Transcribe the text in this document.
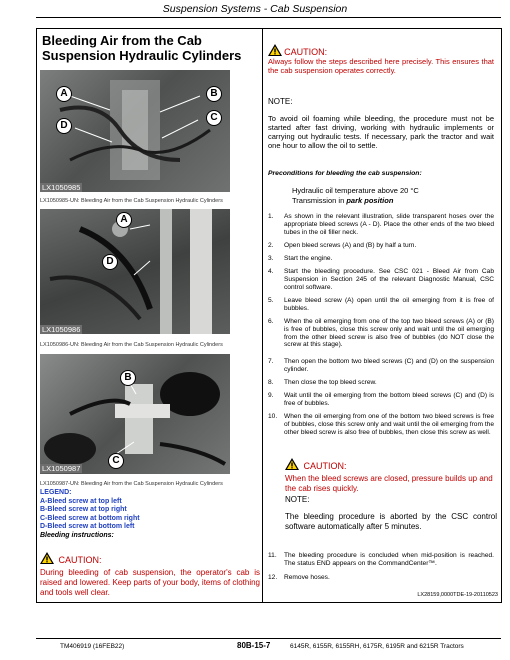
Suspension Systems - Cab Suspension
Bleeding Air from the Cab Suspension Hydraulic Cylinders
A	B
C
D
LX1050985
LX1050985-UN: Bleeding Air from the Cab Suspension Hydraulic Cylinders
A
D
LX1050986
LX1050986-UN: Bleeding Air from the Cab Suspension Hydraulic Cylinders
B
C
LX1050987
LX1050987-UN: Bleeding Air from the Cab Suspension Hydraulic Cylinders
LEGEND:
A-Bleed screw at top left
B-Bleed screw at top right
C-Bleed screw at bottom right
D-Bleed screw at bottom left
Bleeding instructions:
CAUTION:
During bleeding of cab suspension, the operator's cab is raised and lowered. Keep parts of your body, items of clothing and tools well clear.
CAUTION:
Always follow the steps described here precisely. This ensures that the cab suspension operates correctly.
NOTE:
To avoid oil foaming while bleeding, the procedure must not be started after fast driving, working with hydraulic implements or carrying out hydraulic tests. If necessary, park the tractor and wait one hour to allow the oil to settle.
Preconditions for bleeding the cab suspension:
Hydraulic oil temperature above 20 °C
Transmission in park position
1.	As shown in the relevant illustration, slide transparent hoses over the appropriate bleed screws (A - D). Place the other ends of the two bleed tubes in the oil filler neck.
2.	Open bleed screws (A) and (B) by half a turn.
3.	Start the engine.
4.	Start the bleeding procedure. See CSC 021 - Bleed Air from Cab Suspension in Section 245 of the relevant Diagnostic Manual, CSC control software.
5.	Leave bleed screw (A) open until the oil emerging from it is free of bubbles.
6.	When the oil emerging from one of the top two bleed screws (A) or (B) is free of bubbles, close this screw only and wait until the oil emerging from the other bleed screw is also free of bubbles (do NOT close the screw at this stage).
7.	Then open the bottom two bleed screws (C) and (D) on the suspension cylinder.
8.	Then close the top bleed screw.
9.	Wait until the oil emerging from the bottom bleed screws (C) and (D) is free of bubbles.
10.	When the oil emerging from one of the bottom two bleed screws is free of bubbles, close this screw only and wait until the oil emerging from the other bleed screw is also free of bubbles, then close this screw as well.
CAUTION:
When the bleed screws are closed, pressure builds up and the cab rises quickly.
NOTE:
The bleeding procedure is aborted by the CSC control software automatically after 5 minutes.
11.	The bleeding procedure is concluded when mid-position is reached. The status END appears on the CommandCenter™.
12.	Remove hoses.
LX28159,0000TDE-19-20110523
TM406919 (16FEB22)	80B-15-7	6145R, 6155R, 6155RH, 6175R, 6195R and 6215R Tractors
